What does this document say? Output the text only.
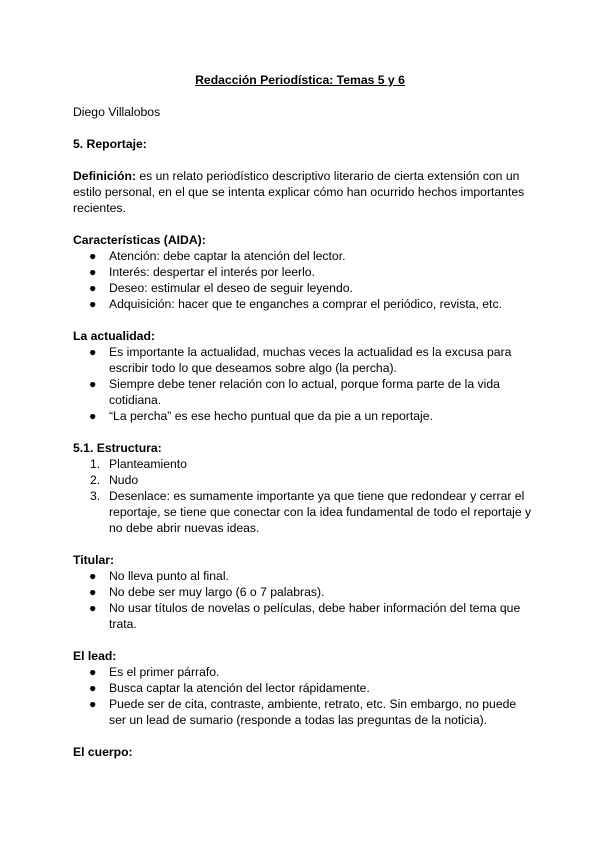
Redacción Periodística: Temas 5 y 6
Diego Villalobos
5. Reportaje:
Definición: es un relato periodístico descriptivo literario de cierta extensión con un estilo personal, en el que se intenta explicar cómo han ocurrido hechos importantes recientes.
Características (AIDA):
● Atención: debe captar la atención del lector.
● Interés: despertar el interés por leerlo.
● Deseo: estimular el deseo de seguir leyendo.
● Adquisición: hacer que te enganches a comprar el periódico, revista, etc.
La actualidad:
● Es importante la actualidad, muchas veces la actualidad es la excusa para escribir todo lo que deseamos sobre algo (la percha).
● Siempre debe tener relación con lo actual, porque forma parte de la vida cotidiana.
● “La percha” es ese hecho puntual que da pie a un reportaje.
5.1. Estructura:
1. Planteamiento
2. Nudo
3. Desenlace: es sumamente importante ya que tiene que redondear y cerrar el reportaje, se tiene que conectar con la idea fundamental de todo el reportaje y no debe abrir nuevas ideas.
Titular:
● No lleva punto al final.
● No debe ser muy largo (6 o 7 palabras).
● No usar títulos de novelas o películas, debe haber información del tema que trata.
El lead:
● Es el primer párrafo.
● Busca captar la atención del lector rápidamente.
● Puede ser de cita, contraste, ambiente, retrato, etc. Sin embargo, no puede ser un lead de sumario (responde a todas las preguntas de la noticia).
El cuerpo:
